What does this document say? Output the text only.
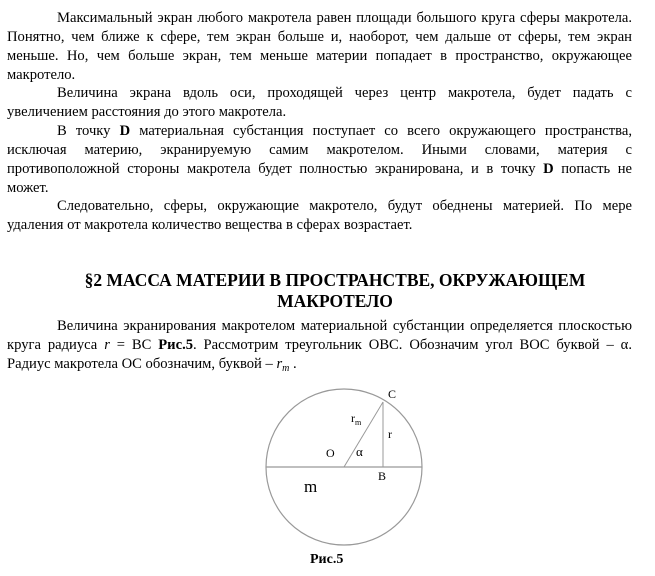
Максимальный экран любого макротела равен площади большого круга сферы макротела. Понятно, чем ближе к сфере, тем экран больше и, наоборот, чем дальше от сферы, тем экран меньше. Но, чем больше экран, тем меньше материи попадает в пространство, окружающее макротело.

Величина экрана вдоль оси, проходящей через центр макротела, будет падать с увеличением расстояния до этого макротела.

В точку D материальная субстанция поступает со всего окружающего пространства, исключая материю, экранируемую самим макротелом. Иными словами, материя с противоположной стороны макротела будет полностью экранирована, и в точку D попасть не может.

Следовательно, сферы, окружающие макротело, будут обеднены материей. По мере удаления от макротела количество вещества в сферах возрастает.

§2 МАССА МАТЕРИИ В ПРОСТРАНСТВЕ, ОКРУЖАЮЩЕМ МАКРОТЕЛО

Величина экранирования макротелом материальной субстанции определяется плоскостью круга радиуса r = BC Рис.5. Рассмотрим треугольник OBC. Обозначим угол BOC буквой – α. Радиус макротела OC обозначим, буквой – $r_m$ .

C
O
B
α
r
$r_m$
m
Рис.5
